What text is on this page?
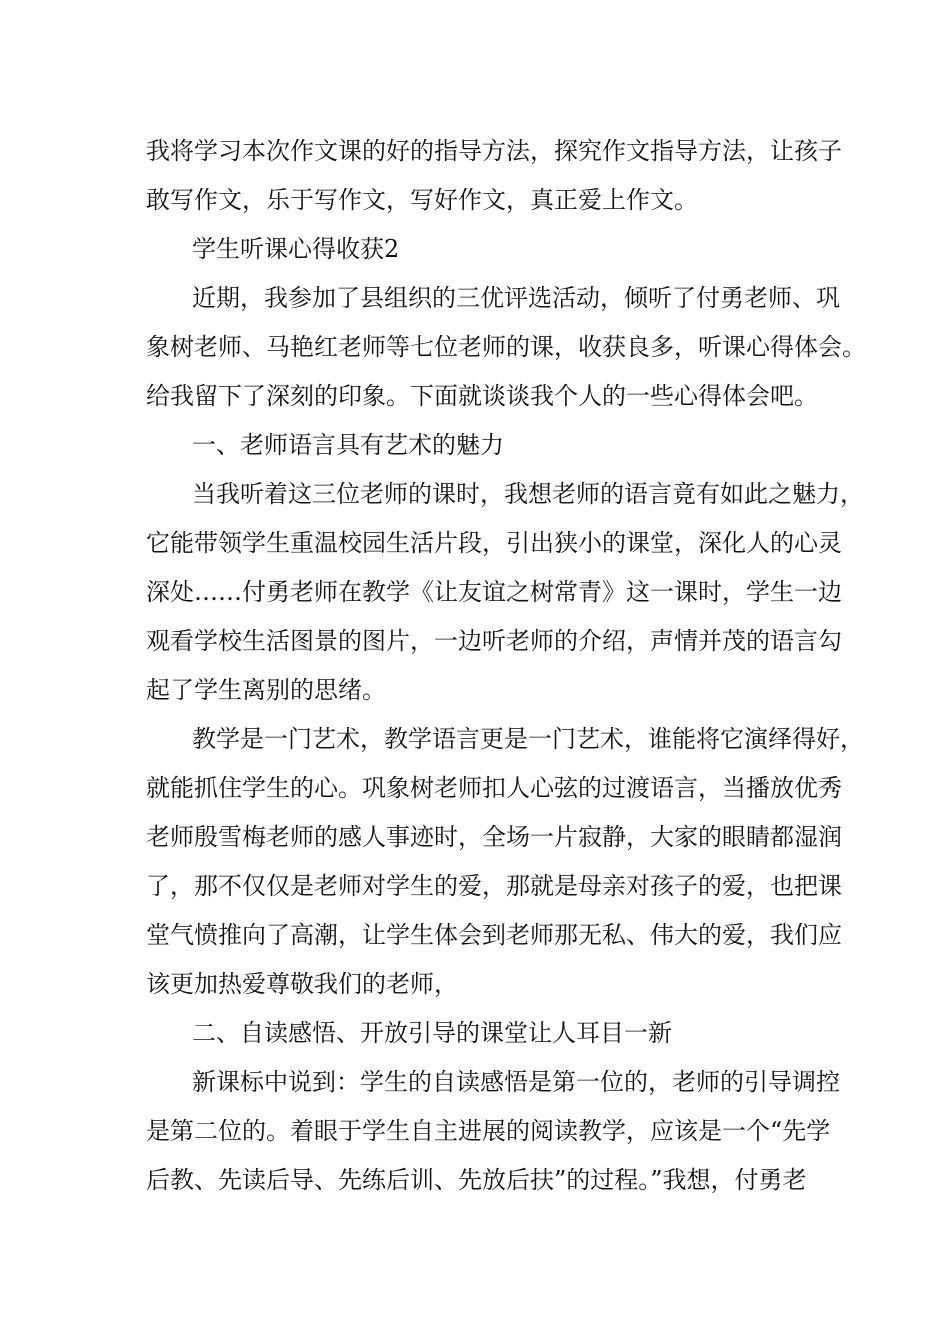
我将学习本次作文课的好的指导方法，探究作文指导方法，让孩子
敢写作文，乐于写作文，写好作文，真正爱上作文。
学生听课心得收获2
近期，我参加了县组织的三优评选活动，倾听了付勇老师、巩
象树老师、马艳红老师等七位老师的课，收获良多，听课心得体会。
给我留下了深刻的印象。下面就谈谈我个人的一些心得体会吧。
一、老师语言具有艺术的魅力
当我听着这三位老师的课时，我想老师的语言竟有如此之魅力，
它能带领学生重温校园生活片段，引出狭小的课堂，深化人的心灵
深处……付勇老师在教学《让友谊之树常青》这一课时，学生一边
观看学校生活图景的图片，一边听老师的介绍，声情并茂的语言勾
起了学生离别的思绪。
教学是一门艺术，教学语言更是一门艺术，谁能将它演绎得好，
就能抓住学生的心。巩象树老师扣人心弦的过渡语言，当播放优秀
老师殷雪梅老师的感人事迹时，全场一片寂静，大家的眼睛都湿润
了，那不仅仅是老师对学生的爱，那就是母亲对孩子的爱，也把课
堂气愤推向了高潮，让学生体会到老师那无私、伟大的爱，我们应
该更加热爱尊敬我们的老师，
二、自读感悟、开放引导的课堂让人耳目一新
新课标中说到：学生的自读感悟是第一位的，老师的引导调控
是第二位的。着眼于学生自主进展的阅读教学，应该是一个“先学
后教、先读后导、先练后训、先放后扶”的过程。”我想，付勇老
